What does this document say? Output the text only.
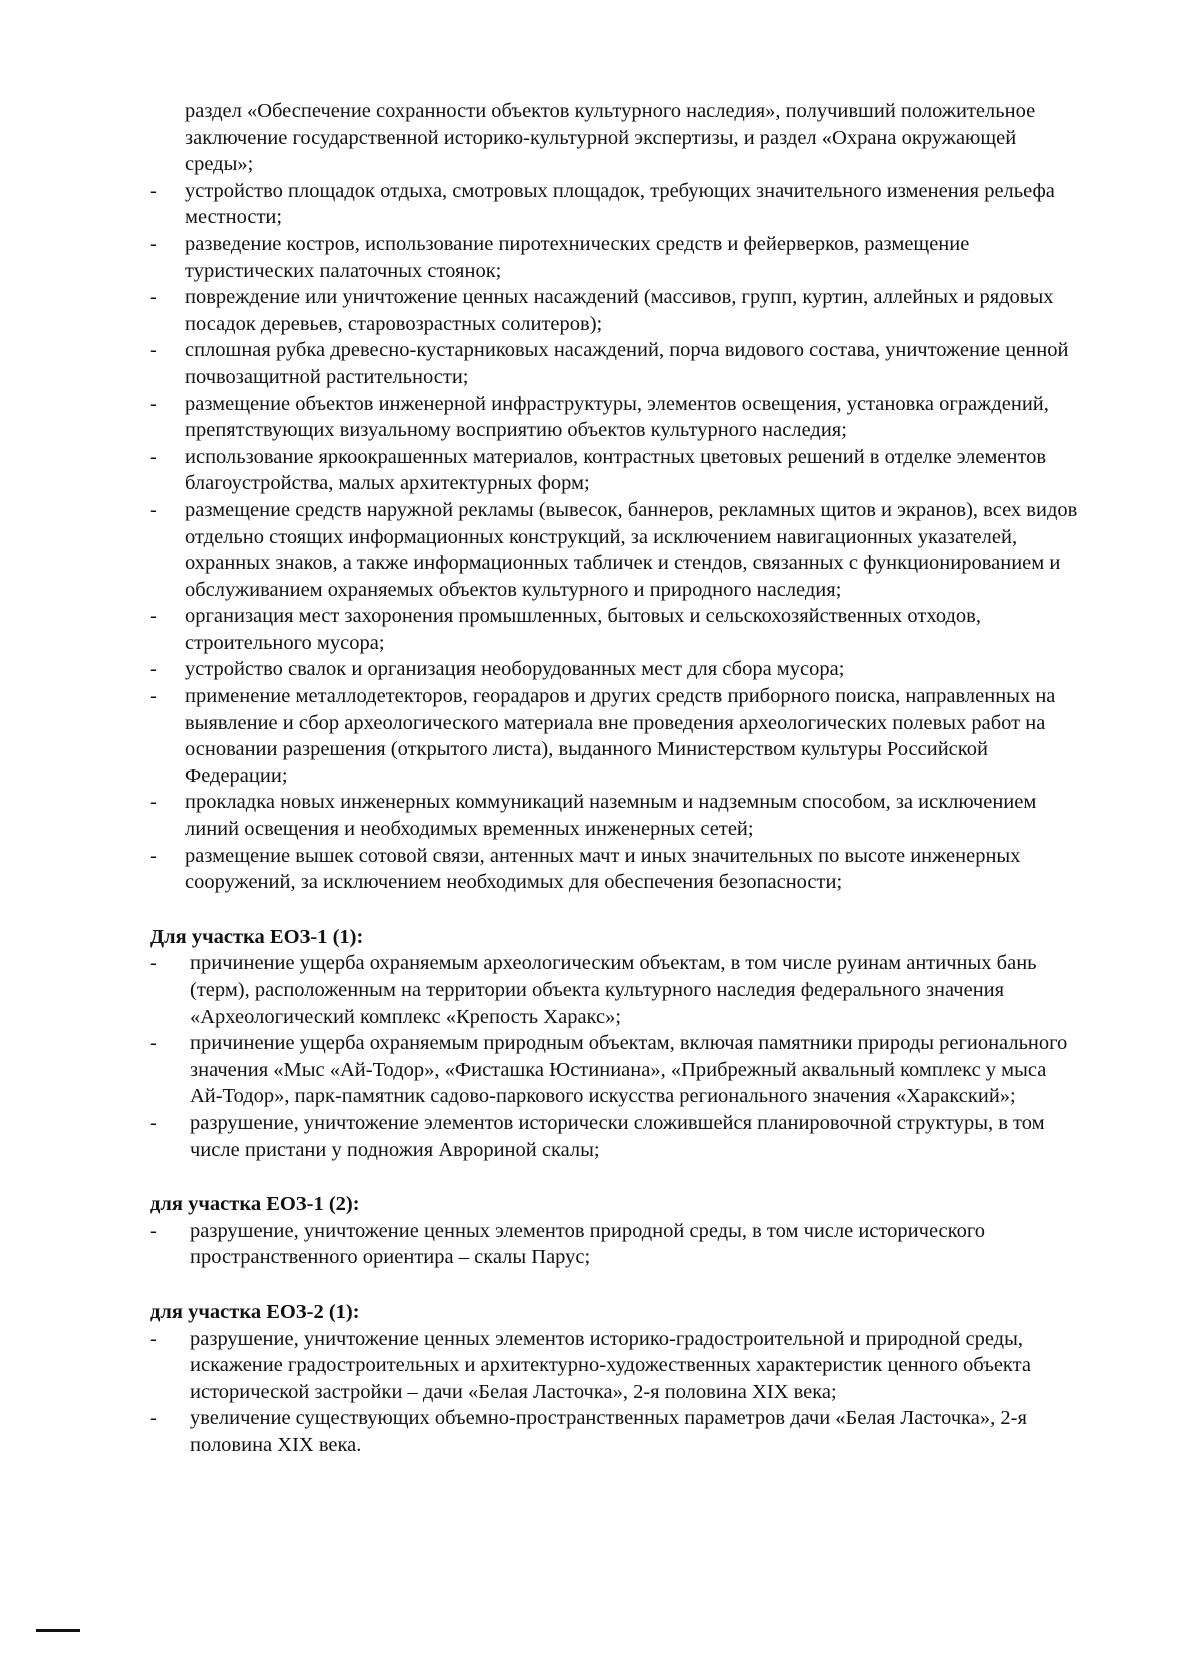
раздел «Обеспечение сохранности объектов культурного наследия», получивший положительное заключение государственной историко-культурной экспертизы, и раздел «Охрана окружающей среды»;

-	устройство площадок отдыха, смотровых площадок, требующих значительного изменения рельефа местности;
-	разведение костров, использование пиротехнических средств и фейерверков, размещение туристических палаточных стоянок;
-	повреждение или уничтожение ценных насаждений (массивов, групп, куртин, аллейных и рядовых посадок деревьев, старовозрастных солитеров);
-	сплошная рубка древесно-кустарниковых насаждений, порча видового состава, уничтожение ценной почвозащитной растительности;
-	размещение объектов инженерной инфраструктуры, элементов освещения, установка ограждений, препятствующих визуальному восприятию объектов культурного наследия;
-	использование яркоокрашенных материалов, контрастных цветовых решений в отделке элементов благоустройства, малых архитектурных форм;
-	размещение средств наружной рекламы (вывесок, баннеров, рекламных щитов и экранов), всех видов отдельно стоящих информационных конструкций, за исключением навигационных указателей, охранных знаков, а также информационных табличек и стендов, связанных с функционированием и обслуживанием охраняемых объектов культурного и природного наследия;
-	организация мест захоронения промышленных, бытовых и сельскохозяйственных отходов, строительного мусора;
-	устройство свалок и организация необорудованных мест для сбора мусора;
-	применение металлодетекторов, георадаров и других средств приборного поиска, направленных на выявление и сбор археологического материала вне проведения археологических полевых работ на основании разрешения (открытого листа), выданного Министерством культуры Российской Федерации;
-	прокладка новых инженерных коммуникаций наземным и надземным способом, за исключением линий освещения и необходимых временных инженерных сетей;
-	размещение вышек сотовой связи, антенных мачт и иных значительных по высоте инженерных сооружений, за исключением необходимых для обеспечения безопасности;

Для участка ЕОЗ-1 (1):

-	причинение ущерба охраняемым археологическим объектам, в том числе руинам античных бань (терм), расположенным на территории объекта культурного наследия федерального значения «Археологический комплекс «Крепость Харакс»;
-	причинение ущерба охраняемым природным объектам, включая памятники природы регионального значения «Мыс «Ай-Тодор», «Фисташка Юстиниана», «Прибрежный аквальный комплекс у мыса Ай-Тодор», парк-памятник садово-паркового искусства регионального значения «Харакский»;
-	разрушение, уничтожение элементов исторически сложившейся планировочной структуры, в том числе пристани у подножия Аврориной скалы;

для участка ЕОЗ-1 (2):

-	разрушение, уничтожение ценных элементов природной среды, в том числе исторического пространственного ориентира – скалы Парус;

для участка ЕОЗ-2 (1):

-	разрушение, уничтожение ценных элементов историко-градостроительной и природной среды, искажение градостроительных и архитектурно-художественных характеристик ценного объекта исторической застройки – дачи «Белая Ласточка», 2-я половина XIX века;
-	увеличение существующих объемно-пространственных параметров дачи «Белая Ласточка», 2-я половина XIX века.
